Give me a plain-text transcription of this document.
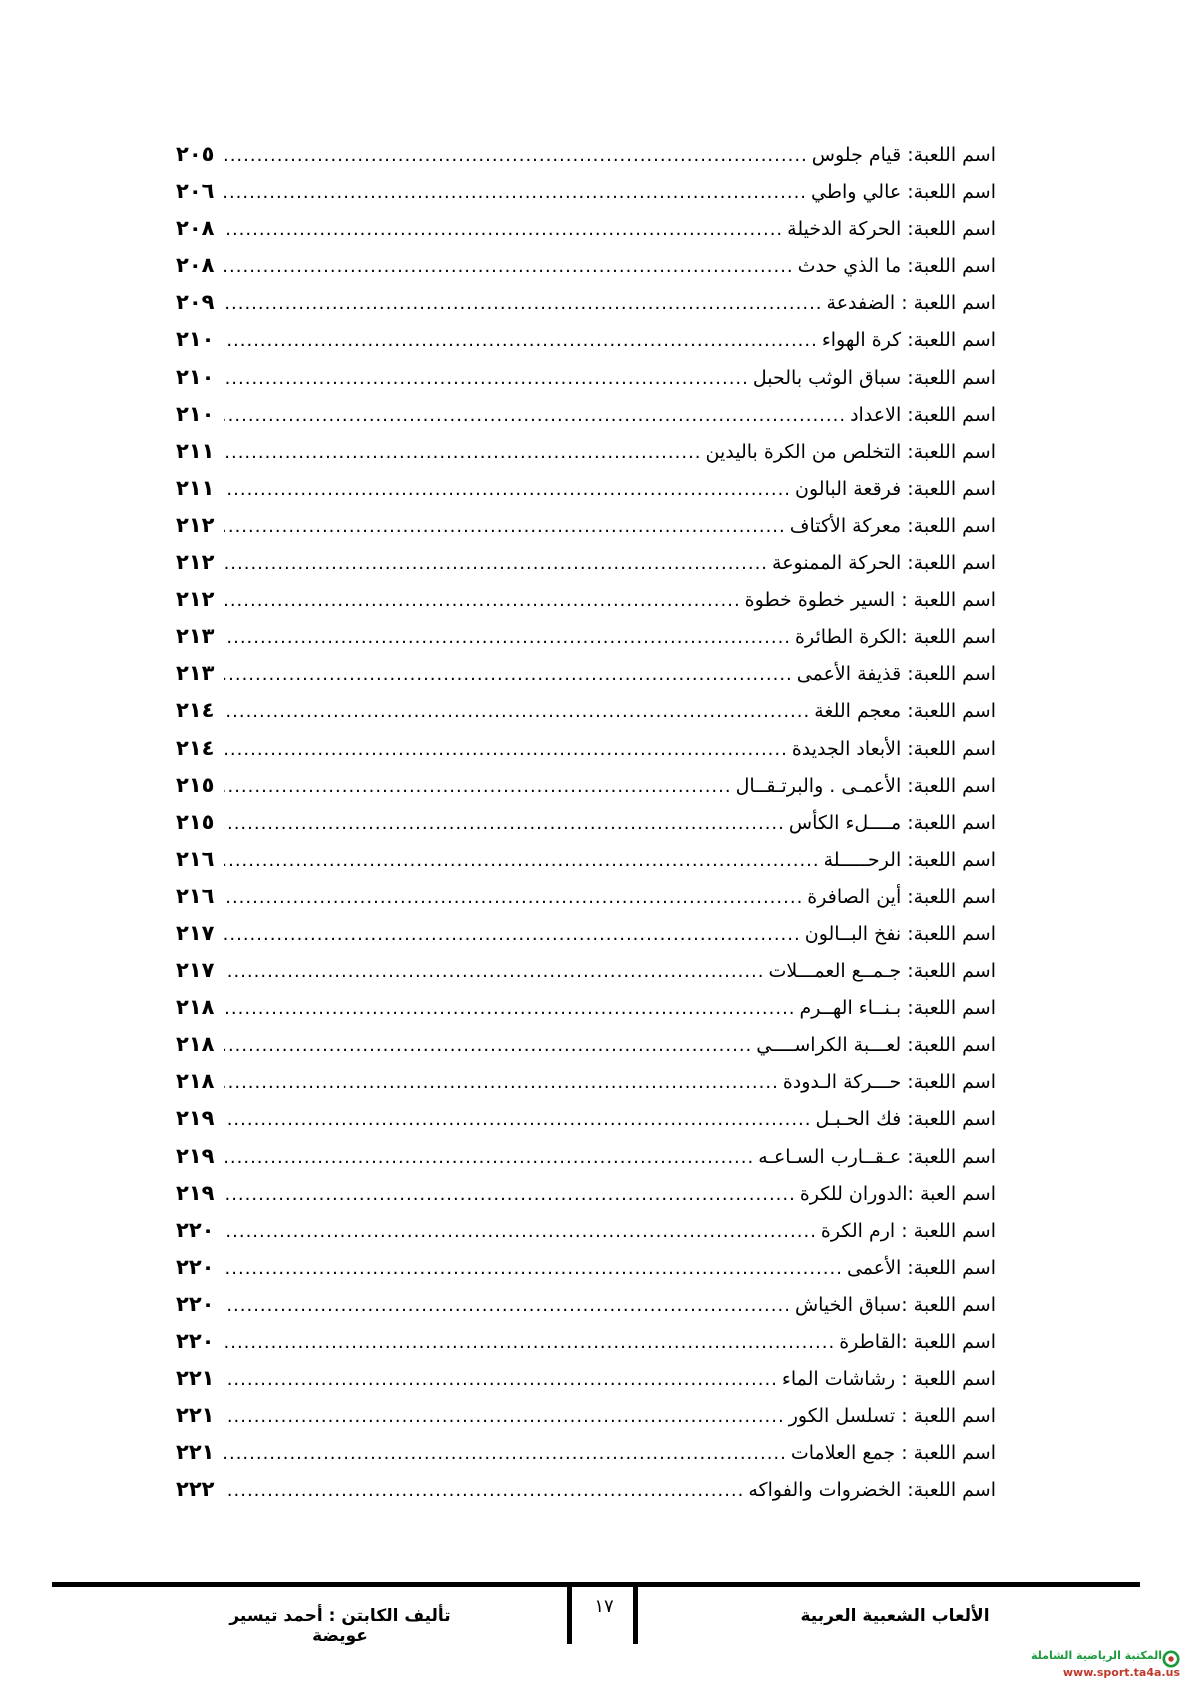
اسم اللعبة: قيام جلوس
.....
٢٠٥
اسم اللعبة: عالي واطي
.....
٢٠٦
اسم اللعبة: الحركة الدخيلة
.....
٢٠٨
اسم اللعبة: ما الذي حدث
.....
٢٠٨
اسم اللعبة : الضفدعة
.....
٢٠٩
اسم اللعبة: كرة الهواء
.....
٢١٠
اسم اللعبة: سباق الوثب بالحبل
.....
٢١٠
اسم اللعبة: الاعداد
.....
٢١٠
اسم اللعبة: التخلص من الكرة باليدين
.....
٢١١
اسم اللعبة: فرقعة البالون
.....
٢١١
اسم اللعبة: معركة الأكتاف
.....
٢١٢
اسم اللعبة: الحركة الممنوعة
.....
٢١٢
اسم اللعبة : السير خطوة خطوة
.....
٢١٢
اسم اللعبة :الكرة الطائرة
.....
٢١٣
اسم اللعبة: قذيفة الأعمى
.....
٢١٣
اسم اللعبة: معجم اللغة
.....
٢١٤
اسم اللعبة: الأبعاد الجديدة
.....
٢١٤
اسم اللعبة: الأعمـى . والبرتـقــال
.....
٢١٥
اسم اللعبة: مــــلء الكأس
.....
٢١٥
اسم اللعبة: الرحـــــلة
.....
٢١٦
اسم اللعبة: أين الصافرة
.....
٢١٦
اسم اللعبة: نفخ البــالون
.....
٢١٧
اسم اللعبة: جـمــع العمـــلات
.....
٢١٧
اسم اللعبة: بـنــاء الهــرم
.....
٢١٨
اسم اللعبة: لعـــبة الكراســــي
.....
٢١٨
اسم اللعبة: حـــركة الـدودة
.....
٢١٨
اسم اللعبة: فك الحـبـل
.....
٢١٩
اسم اللعبة: عـقــارب السـاعـه
.....
٢١٩
اسم العبة :الدوران للكرة
.....
٢١٩
اسم اللعبة : ارم الكرة
.....
٢٢٠
اسم اللعبة: الأعمى
.....
٢٢٠
اسم اللعبة :سباق الخياش
.....
٢٢٠
اسم اللعبة :القاطرة
.....
٢٢٠
اسم اللعبة : رشاشات الماء
.....
٢٢١
اسم اللعبة : تسلسل الكور
.....
٢٢١
اسم اللعبة : جمع العلامات
.....
٢٢١
اسم اللعبة: الخضروات والفواكه
.....
٢٢٢
تأليف الكابتن : أحمد تيسير عويضة
١٧	الألعاب الشعبية العربية
المكتبة الرياضية الشاملة
www.sport.ta4a.us
